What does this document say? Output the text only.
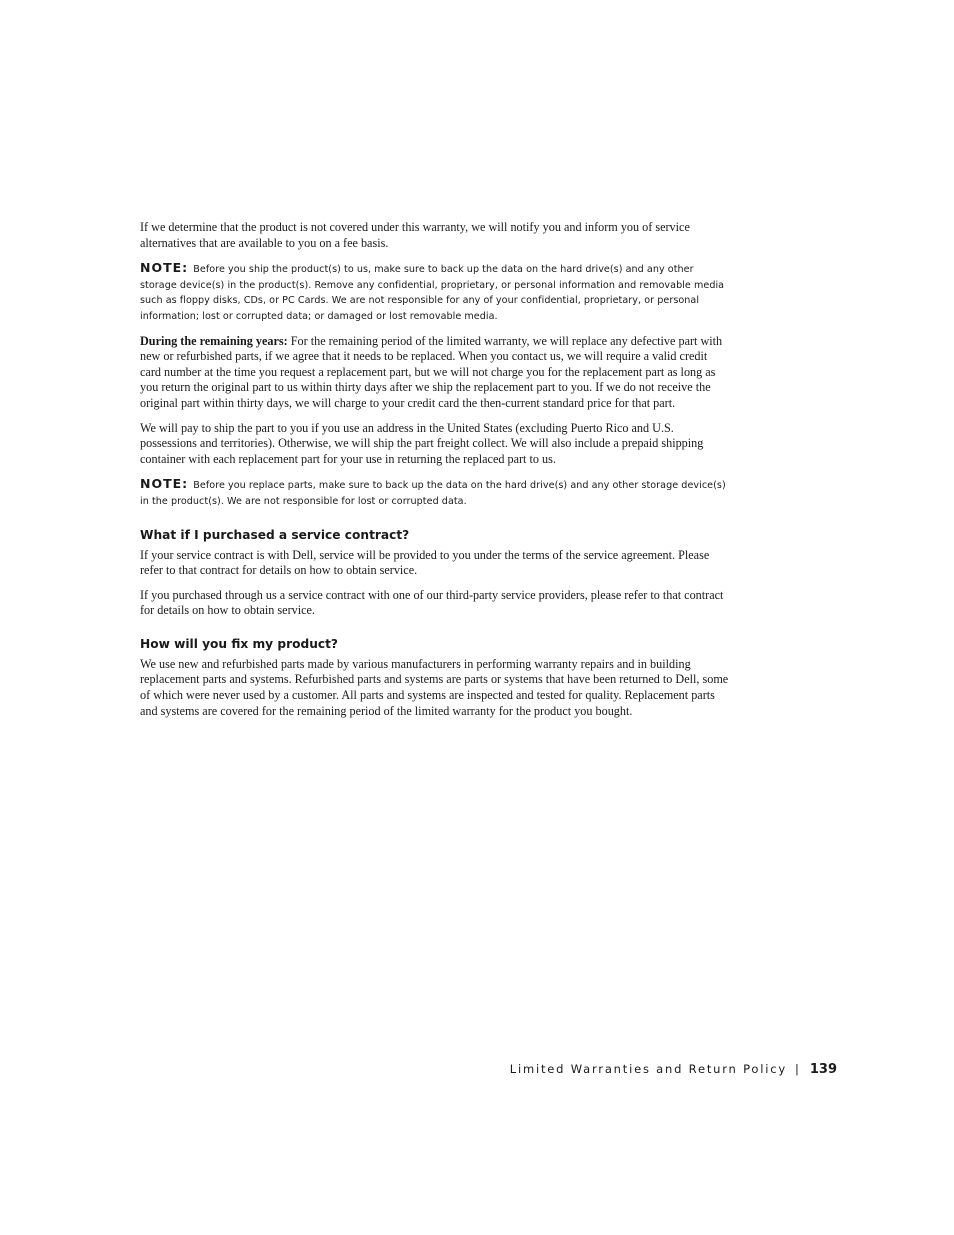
If we determine that the product is not covered under this warranty, we will notify you and inform you of service alternatives that are available to you on a fee basis.

NOTE: Before you ship the product(s) to us, make sure to back up the data on the hard drive(s) and any other storage device(s) in the product(s). Remove any confidential, proprietary, or personal information and removable media such as floppy disks, CDs, or PC Cards. We are not responsible for any of your confidential, proprietary, or personal information; lost or corrupted data; or damaged or lost removable media.

During the remaining years: For the remaining period of the limited warranty, we will replace any defective part with new or refurbished parts, if we agree that it needs to be replaced. When you contact us, we will require a valid credit card number at the time you request a replacement part, but we will not charge you for the replacement part as long as you return the original part to us within thirty days after we ship the replacement part to you. If we do not receive the original part within thirty days, we will charge to your credit card the then-current standard price for that part.

We will pay to ship the part to you if you use an address in the United States (excluding Puerto Rico and U.S. possessions and territories). Otherwise, we will ship the part freight collect. We will also include a prepaid shipping container with each replacement part for your use in returning the replaced part to us.

NOTE: Before you replace parts, make sure to back up the data on the hard drive(s) and any other storage device(s) in the product(s). We are not responsible for lost or corrupted data.

What if I purchased a service contract?

If your service contract is with Dell, service will be provided to you under the terms of the service agreement. Please refer to that contract for details on how to obtain service.

If you purchased through us a service contract with one of our third-party service providers, please refer to that contract for details on how to obtain service.

How will you fix my product?

We use new and refurbished parts made by various manufacturers in performing warranty repairs and in building replacement parts and systems. Refurbished parts and systems are parts or systems that have been returned to Dell, some of which were never used by a customer. All parts and systems are inspected and tested for quality. Replacement parts and systems are covered for the remaining period of the limited warranty for the product you bought.

Limited Warranties and Return Policy | 139
